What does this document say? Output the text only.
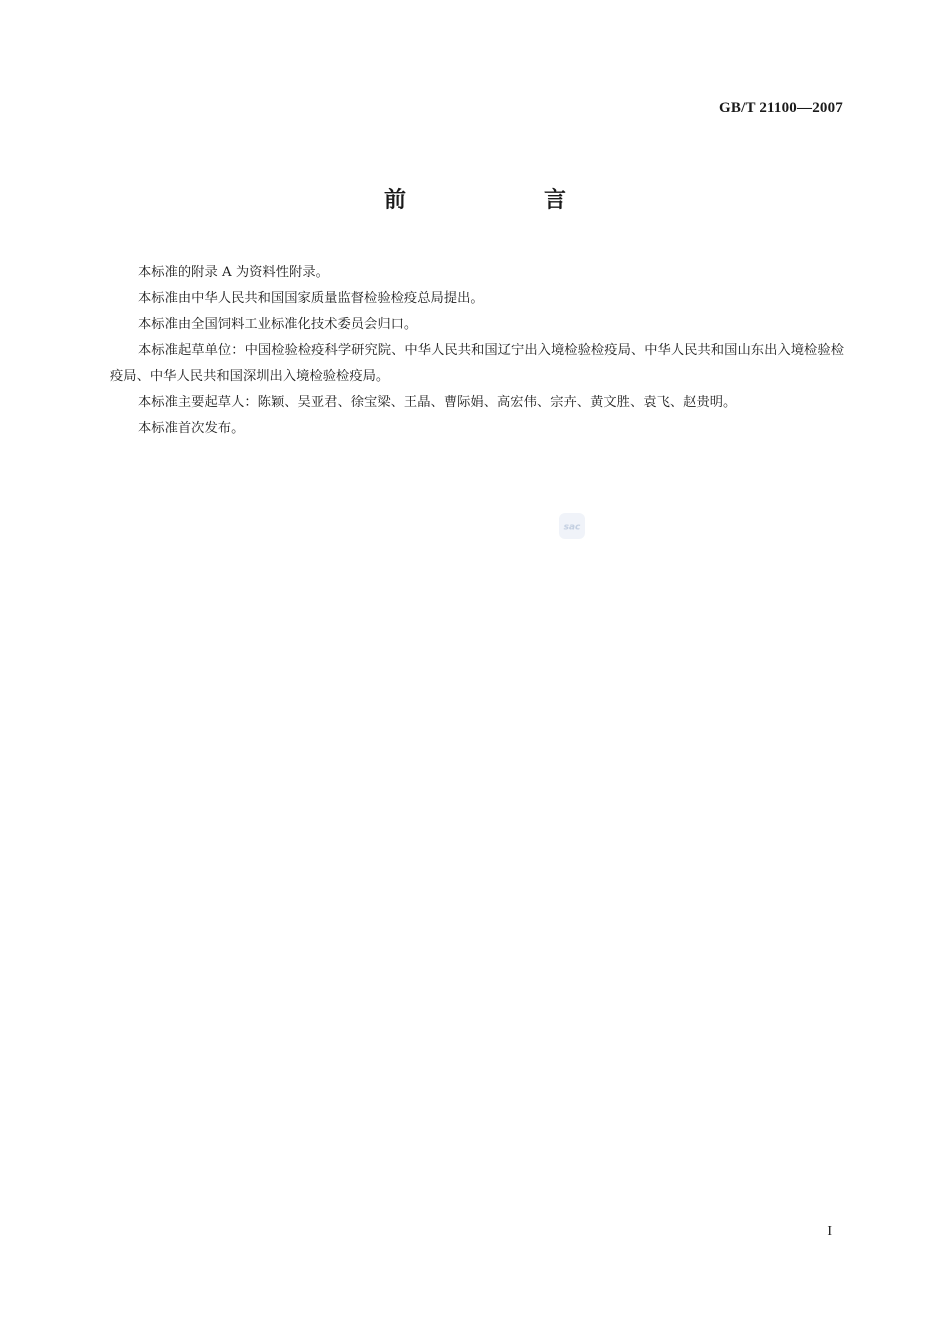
GB/T 21100—2007
前　言

本标准的附录 A 为资料性附录。

本标准由中华人民共和国国家质量监督检验检疫总局提出。

本标准由全国饲料工业标准化技术委员会归口。

本标准起草单位：中国检验检疫科学研究院、中华人民共和国辽宁出入境检验检疫局、中华人民共和国山东出入境检验检疫局、中华人民共和国深圳出入境检验检疫局。

本标准主要起草人：陈颖、吴亚君、徐宝梁、王晶、曹际娟、高宏伟、宗卉、黄文胜、袁飞、赵贵明。

本标准首次发布。

sac
I
